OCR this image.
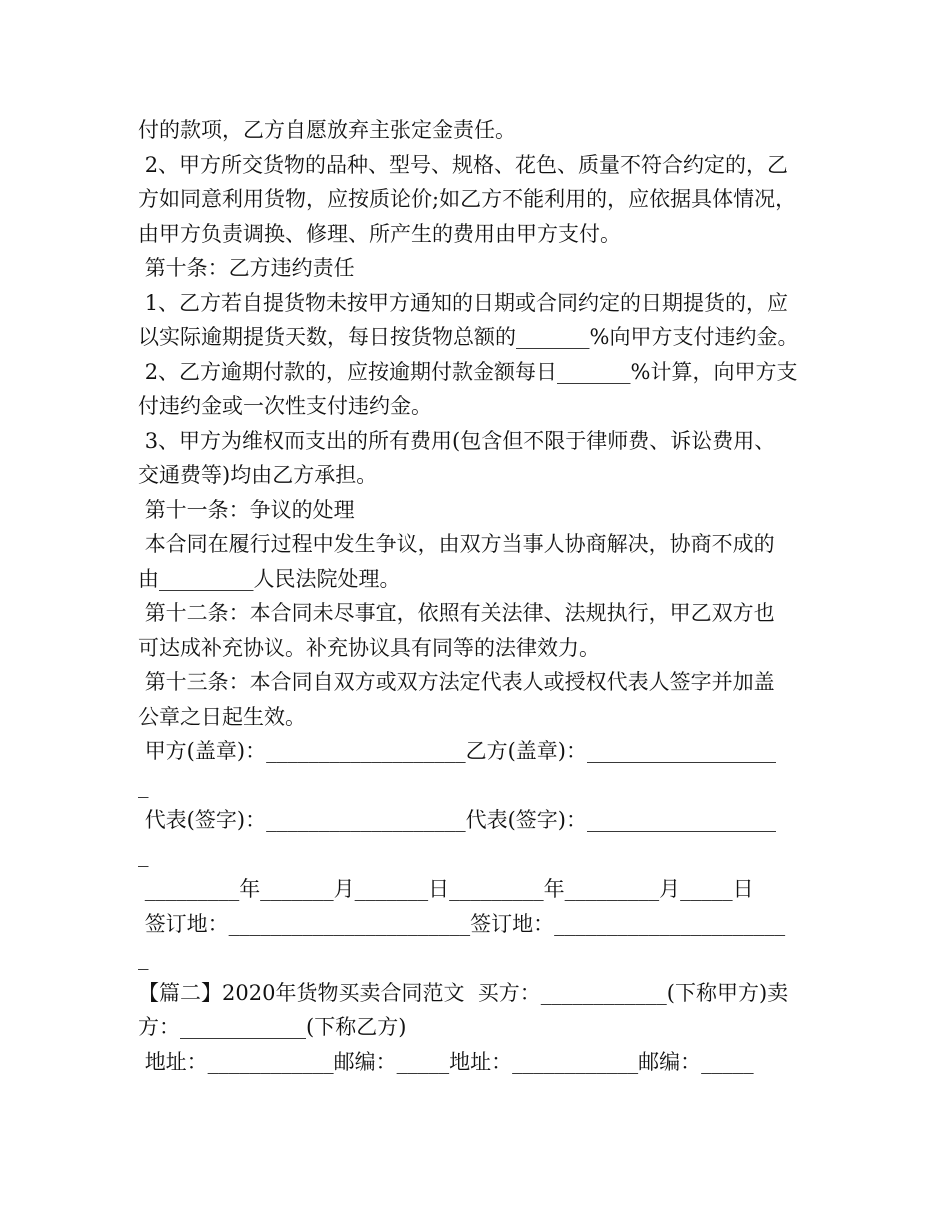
付的款项，乙方自愿放弃主张定金责任。

2、甲方所交货物的品种、型号、规格、花色、质量不符合约定的，乙

方如同意利用货物，应按质论价;如乙方不能利用的，应依据具体情况，

由甲方负责调换、修理、所产生的费用由甲方支付。

第十条：乙方违约责任

1、乙方若自提货物未按甲方通知的日期或合同约定的日期提货的，应

以实际逾期提货天数，每日按货物总额的_______%向甲方支付违约金。

2、乙方逾期付款的，应按逾期付款金额每日_______%计算，向甲方支

付违约金或一次性支付违约金。

3、甲方为维权而支出的所有费用(包含但不限于律师费、诉讼费用、

交通费等)均由乙方承担。

第十一条：争议的处理

本合同在履行过程中发生争议，由双方当事人协商解决，协商不成的

由_________人民法院处理。

第十二条：本合同未尽事宜，依照有关法律、法规执行，甲乙双方也

可达成补充协议。补充协议具有同等的法律效力。

第十三条：本合同自双方或双方法定代表人或授权代表人签字并加盖

公章之日起生效。

甲方(盖章)：___________________乙方(盖章)：__________________

_

代表(签字)：___________________代表(签字)：__________________

_

_________年_______月_______日_________年_________月_____日

签订地：_______________________签订地：______________________

_

【篇二】2020年货物买卖合同范文  买方：____________(下称甲方)卖

方：____________(下称乙方)

地址：____________邮编：_____地址：____________邮编：_____
